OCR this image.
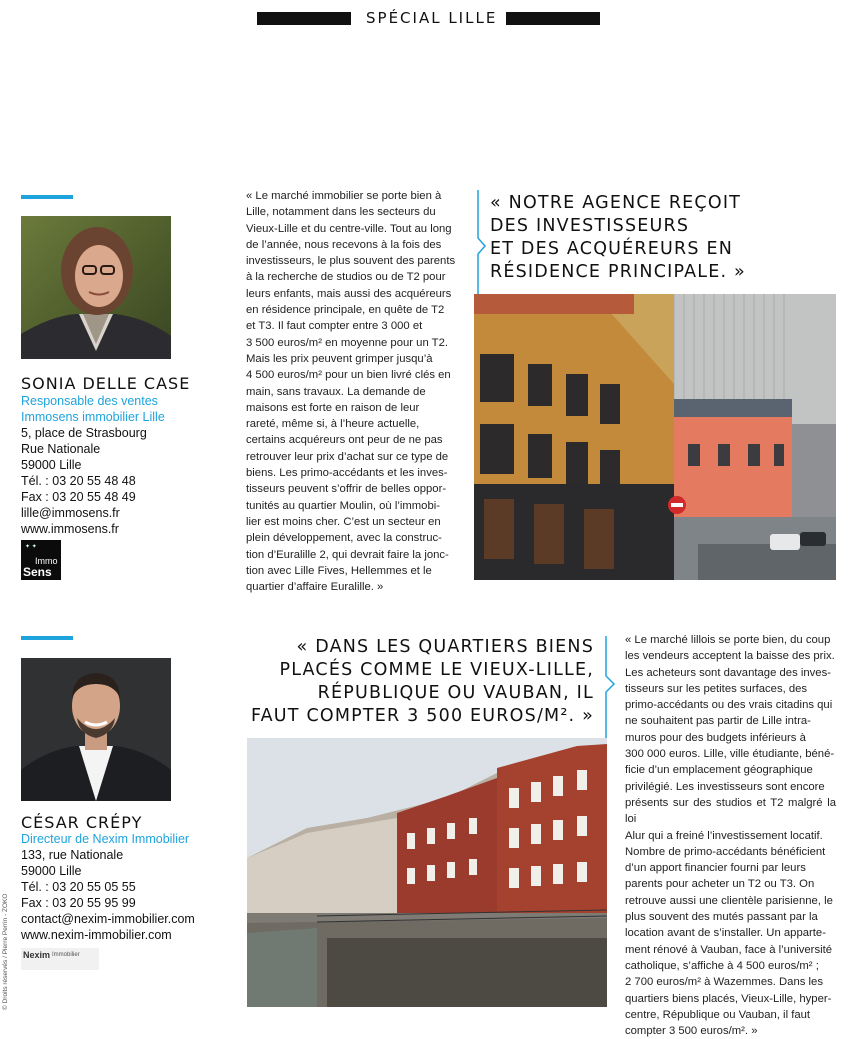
SPÉCIAL LILLE
SONIA DELLE CASE
Responsable des ventes
Immosens immobilier Lille
5, place de Strasbourg
Rue Nationale
59000 Lille
Tél. : 03 20 55 48 48
Fax : 03 20 55 48 49
lille@immosens.fr
www.immosens.fr
✦ ✦
Immo
Sens
« Le marché immobilier se porte bien à
Lille, notamment dans les secteurs du
Vieux-Lille et du centre-ville. Tout au long
de l’année, nous recevons à la fois des
investisseurs, le plus souvent des parents
à la recherche de studios ou de T2 pour
leurs enfants, mais aussi des acquéreurs
en résidence principale, en quête de T2
et T3. Il faut compter entre 3 000 et
3 500 euros/m² en moyenne pour un T2.
Mais les prix peuvent grimper jusqu’à
4 500 euros/m² pour un bien livré clés en
main, sans travaux. La demande de
maisons est forte en raison de leur
rareté, même si, à l’heure actuelle,
certains acquéreurs ont peur de ne pas
retrouver leur prix d’achat sur ce type de
biens. Les primo-accédants et les inves-
tisseurs peuvent s’offrir de belles oppor-
tunités au quartier Moulin, où l’immobi-
lier est moins cher. C’est un secteur en
plein développement, avec la construc-
tion d’Euralille 2, qui devrait faire la jonc-
tion avec Lille Fives, Hellemmes et le
quartier d’affaire Euralille. »
« NOTRE AGENCE REÇOIT
DES INVESTISSEURS
ET DES ACQUÉREURS EN
RÉSIDENCE PRINCIPALE. »
CÉSAR CRÉPY
Directeur de Nexim Immobilier
133, rue Nationale
59000 Lille
Tél. : 03 20 55 05 55
Fax : 03 20 55 95 99
contact@nexim-immobilier.com
www.nexim-immobilier.com
Nexim Immobilier
© Droits réservés / Pierre Perrin - ZOKO
« DANS LES QUARTIERS BIENS
PLACÉS COMME LE VIEUX-LILLE,
RÉPUBLIQUE OU VAUBAN, IL
FAUT COMPTER 3 500 EUROS/M². »
« Le marché lillois se porte bien, du coup
les vendeurs acceptent la baisse des prix.
Les acheteurs sont davantage des inves-
tisseurs sur les petites surfaces, des
primo-accédants ou des vrais citadins qui
ne souhaitent pas partir de Lille intra-
muros pour des budgets inférieurs à
300 000 euros. Lille, ville étudiante, béné-
ficie d’un emplacement géographique
privilégié. Les investisseurs sont encore
présents sur des studios et T2 malgré la loi
Alur qui a freiné l’investissement locatif.
Nombre de primo-accédants bénéficient
d’un apport financier fourni par leurs
parents pour acheter un T2 ou T3. On
retrouve aussi une clientèle parisienne, le
plus souvent des mutés passant par la
location avant de s’installer. Un apparte-
ment rénové à Vauban, face à l’université
catholique, s’affiche à 4 500 euros/m² ;
2 700 euros/m² à Wazemmes. Dans les
quartiers biens placés, Vieux-Lille, hyper-
centre, République ou Vauban, il faut
compter 3 500 euros/m². »
